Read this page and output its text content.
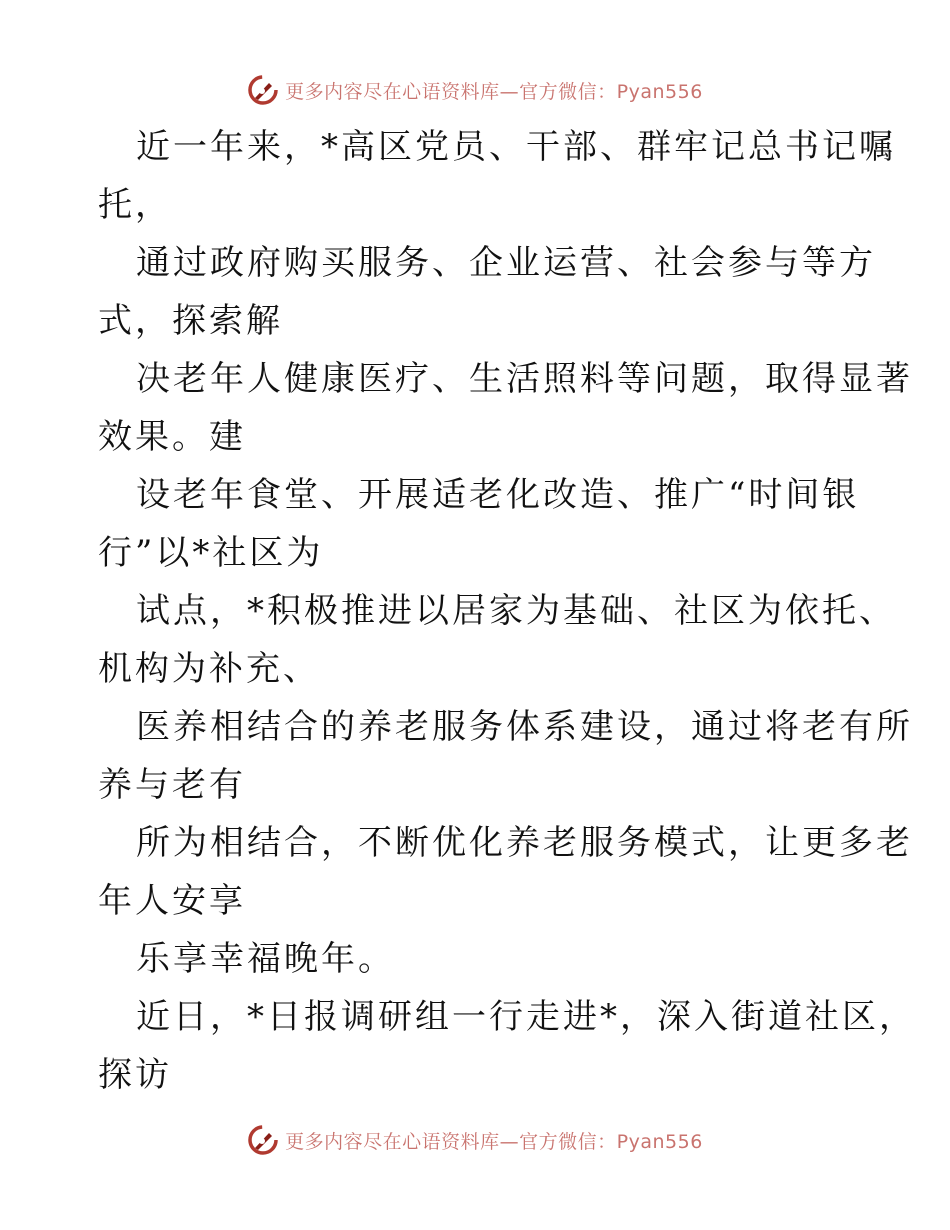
更多内容尽在心语资料库—官方微信：Pyan556
近一年来，*高区党员、干部、群牢记总书记嘱
托，
通过政府购买服务、企业运营、社会参与等方
式，探索解
决老年人健康医疗、生活照料等问题，取得显著
效果。建
设老年食堂、开展适老化改造、推广“时间银
行”以*社区为
试点，*积极推进以居家为基础、社区为依托、
机构为补充、
医养相结合的养老服务体系建设，通过将老有所
养与老有
所为相结合，不断优化养老服务模式，让更多老
年人安享
乐享幸福晚年。
近日，*日报调研组一行走进*，深入街道社区，
探访
更多内容尽在心语资料库—官方微信：Pyan556
